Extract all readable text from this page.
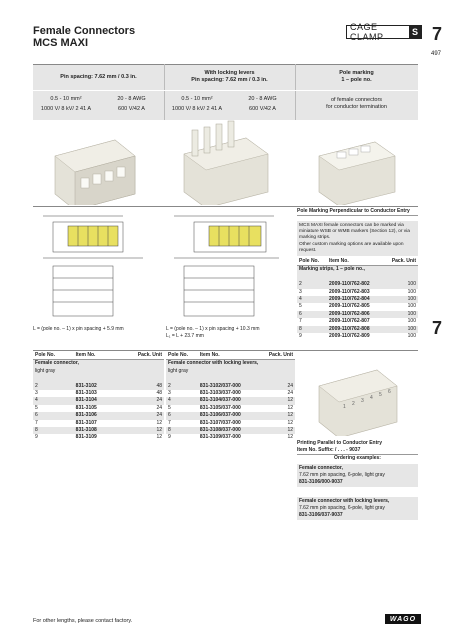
Female Connectors
MCS MAXI
CAGE CLAMP	S 7
497
Pin spacing: 7.62 mm / 0.3 in.
With locking levers
Pin spacing: 7.62 mm / 0.3 in.
Pole marking
1 – pole no.
0.5 - 10 mm²	20 - 8 AWG
1000 V/ 8 kV/ 2 41 A	600 V/42 A
0.5 - 10 mm²	20 - 8 AWG
1000 V/ 8 kV/ 2 41 A	600 V/42 A
of female connectors
for conductor termination
L = (pole no. – 1) x pin spacing + 5.9 mm	L = (pole no. – 1) x pin spacing + 10.3 mm
L₁ = L + 23.7 mm
Pole Marking Perpendicular to Conductor Entry
MCS MAXI female connectors can be marked via
miniature WSB or WMB markers (Section 12), or via
marking strips.
Other custom marking options are available upon
request.
Pole No.	Item No.	Pack. Unit
Marking strips, 1 – pole no.,		

2	2009-110/762-802	100
3	2009-110/762-803	100
4	2009-110/762-804	100
5	2009-110/762-805	100
6	2009-110/762-806	100
7	2009-110/762-807	100
8	2009-110/762-808	100
9	2009-110/762-809	100 7
Pole No.	Item No.	Pack. Unit
Female connector,		
light gray		

2	831-3102	48
3	831-3103	48
4	831-3104	24
5	831-3105	24
6	831-3106	24
7	831-3107	12
8	831-3108	12
9	831-3109	12
Pole No.	Item No.	Pack. Unit
Female connector with locking levers,		
light gray		

2	831-3102/037-000	24
3	831-3103/037-000	24
4	831-3104/037-000	12
5	831-3105/037-000	12
6	831-3106/037-000	12
7	831-3107/037-000	12
8	831-3108/037-000	12
9	831-3109/037-000	12
1 2 3 4 5 6
Printing Parallel to Conductor Entry
Item No. Suffix: / . . . - 9037
Ordering examples:
Female connector,
7.62 mm pin spacing, 6-pole, light gray
831-3106/000-9037
Female connector with locking levers,
7.62 mm pin spacing, 6-pole, light gray
831-3106/037-9037
For other lengths, please contact factory.	WAGO
